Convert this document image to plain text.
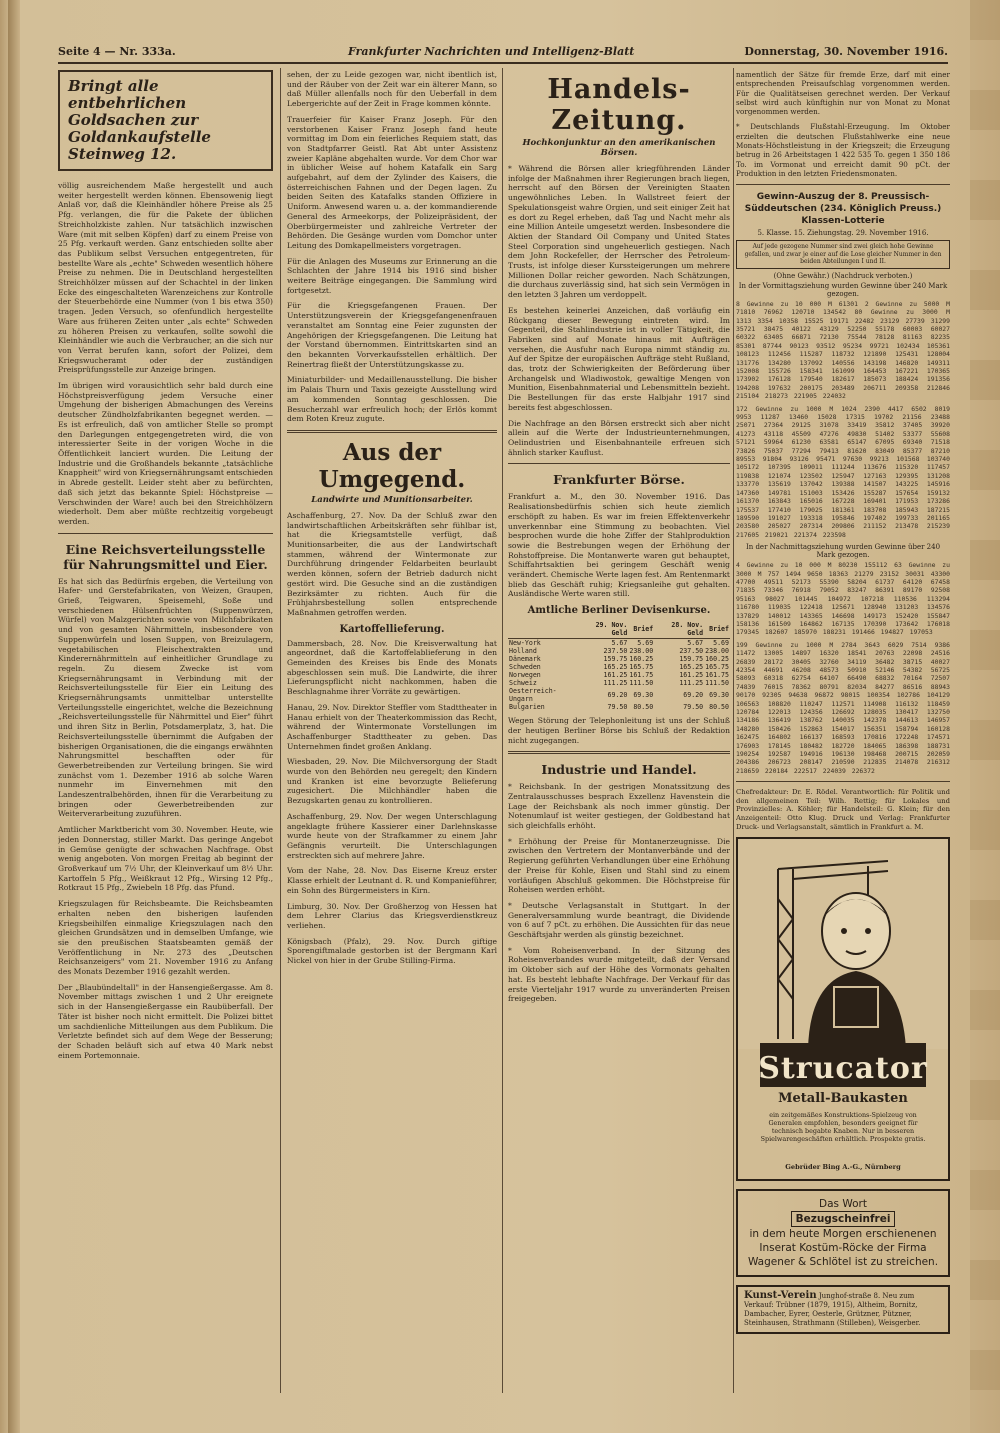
Seite 4 — Nr. 333a.	Frankfurter Nachrichten und Intelligenz-Blatt	Donnerstag, 30. November 1916.
Bringt alle entbehrlichen Goldsachen zur Goldankaufstelle Steinweg 12.

völlig ausreichendem Maße hergestellt und auch weiter hergestellt werden können. Ebensowenig liegt Anlaß vor, daß die Kleinhändler höhere Preise als 25 Pfg. verlangen, die für die Pakete der üblichen Streichholzkiste zahlen. Nur tatsächlich inzwischen Ware (mit mit selben Köpfen) darf zu einem Preise von 25 Pfg. verkauft werden. Ganz entschieden sollte aber das Publikum selbst Versuchen entgegentreten, für bestellte Ware als „echte" Schweden wesentlich höhere Preise zu nehmen. Die in Deutschland hergestellten Streichhölzer müssen auf der Schachtel in der linken Ecke des eingeschalteten Warenzeichens zur Kontrolle der Steuerbehörde eine Nummer (von 1 bis etwa 350) tragen. Jeden Versuch, so ofenfundlich hergestellte Ware aus früheren Zeiten unter „als echte" Schweden zu höheren Preisen zu verkaufen, sollte sowohl die Kleinhändler wie auch die Verbraucher, an die sich nur von Verrat berufen kann, sofort der Polizei, dem Kriegswucheramt oder der zuständigen Preisprüfungsstelle zur Anzeige bringen.

Im übrigen wird vorausichtlich sehr bald durch eine Höchstpreisverfügung jedem Versuche einer Umgehung der bisherigen Abmachungen des Vereins deutscher Zündholzfabrikanten begegnet werden. — Es ist erfreulich, daß von amtlicher Stelle so prompt den Darlegungen entgegengetreten wird, die von interessierter Seite in der vorigen Woche in die Öffentlichkeit lanciert wurden. Die Leitung der Industrie und die Großhandels bekannte „tatsächliche Knappheit" wird von Kriegsernährungsamt entschieden in Abrede gestellt. Leider steht aber zu befürchten, daß sich jetzt das bekannte Spiel: Höchstpreise — Verschwinden der Ware! auch bei den Streichhölzern wiederholt. Dem aber müßte rechtzeitig vorgebeugt werden.

Eine Reichsverteilungsstelle für Nahrungsmittel und Eier.

Es hat sich das Bedürfnis ergeben, die Verteilung von Hafer- und Gerstefabrikaten, von Weizen, Graupen, Grieß, Teigwaren, Speisemehl, Soße und verschiedenen Hülsenfrüchten (Suppenwürzen, Würfel) von Malzgerichten sowie von Milchfabrikaten und von gesamten Nährmitteln, insbesondere von Suppenwürfeln und losen Suppen, von Breizulagern, vegetabilischen Fleischextrakten und Kinderernährmitteln auf einheitlicher Grundlage zu regeln. Zu diesem Zwecke ist vom Kriegsernährungsamt in Verbindung mit der Reichsverteilungsstelle für Eier ein Leitung des Kriegsernährungsamts unmittelbar unterstellte Verteilungsstelle eingerichtet, welche die Bezeichnung „Reichsverteilungsstelle für Nährmittel und Eier" führt und ihren Sitz in Berlin, Potsdamerplatz, 3, hat. Die Reichsverteilungsstelle übernimmt die Aufgaben der bisherigen Organisationen, die die eingangs erwähnten Nahrungsmittel beschafften oder für Gewerbetreibenden zur Verteilung bringen. Sie wird zunächst vom 1. Dezember 1916 ab solche Waren nunmehr im Einvernehmen mit den Landeszentralbehörden, ihnen für die Verarbeitung zu bringen oder Gewerbetreibenden zur Weiterverarbeitung zuzuführen.

Amtlicher Marktbericht vom 30. November. Heute, wie jeden Donnerstag, stiller Markt. Das geringe Angebot in Gemüse genügte der schwachen Nachfrage. Obst wenig angeboten. Von morgen Freitag ab beginnt der Großverkauf um 7½ Uhr, der Kleinverkauf um 8½ Uhr. Kartoffeln 5 Pfg., Weißkraut 12 Pfg., Wirsing 12 Pfg., Rotkraut 15 Pfg., Zwiebeln 18 Pfg. das Pfund.

Kriegszulagen für Reichsbeamte. Die Reichsbeamten erhalten neben den bisherigen laufenden Kriegsbeihilfen einmalige Kriegszulagen nach den gleichen Grundsätzen und in demselben Umfange, wie sie den preußischen Staatsbeamten gemäß der Veröffentlichung in Nr. 273 des „Deutschen Reichsanzeigers" vom 21. November 1916 zu Anfang des Monats Dezember 1916 gezahlt werden.

Der „Blaubündeltall" in der Hansengießergasse. Am 8. November mittags zwischen 1 und 2 Uhr ereignete sich in der Hansengießergasse ein Raubüberfall. Der Täter ist bisher noch nicht ermittelt. Die Polizei bittet um sachdienliche Mitteilungen aus dem Publikum. Die Verletzte befindet sich auf dem Wege der Besserung; der Schaden beläuft sich auf etwa 40 Mark nebst einem Portemonnaie.

sehen, der zu Leide gezogen war, nicht ibentlich ist, und der Räuber von der Zeit war ein älterer Mann, so daß Müller allenfalls noch für den Ueberfall in dem Lebergerichte auf der Zeit in Frage kommen könnte.

Trauerfeier für Kaiser Franz Joseph. Für den verstorbenen Kaiser Franz Joseph fand heute vormittag im Dom ein feierliches Requiem statt, das von Stadtpfarrer Geistl. Rat Abt unter Assistenz zweier Kapläne abgehalten wurde. Vor dem Chor war in üblicher Weise auf hohem Katafalk ein Sarg aufgebahrt, auf dem der Zylinder des Kaisers, die österreichischen Fahnen und der Degen lagen. Zu beiden Seiten des Katafalks standen Offiziere in Uniform. Anwesend waren u. a. der kommandierende General des Armeekorps, der Polizeipräsident, der Oberbürgermeister und zahlreiche Vertreter der Behörden. Die Gesänge wurden vom Domchor unter Leitung des Domkapellmeisters vorgetragen.

Für die Anlagen des Museums zur Erinnerung an die Schlachten der Jahre 1914 bis 1916 sind bisher weitere Beiträge eingegangen. Die Sammlung wird fortgesetzt.

Für die Kriegsgefangenen Frauen. Der Unterstützungsverein der Kriegsgefangenenfrauen veranstaltet am Sonntag eine Feier zugunsten der Angehörigen der Kriegsgefangenen. Die Leitung hat der Vorstand übernommen. Eintrittskarten sind an den bekannten Vorverkaufsstellen erhältlich. Der Reinertrag fließt der Unterstützungskasse zu.

Miniaturbilder- und Medaillenausstellung. Die bisher im Palais Thurn und Taxis gezeigte Ausstellung wird am kommenden Sonntag geschlossen. Die Besucherzahl war erfreulich hoch; der Erlös kommt dem Roten Kreuz zugute.

Aus der Umgegend.
Landwirte und Munitionsarbeiter.

Aschaffenburg, 27. Nov. Da der Schluß zwar den landwirtschaftlichen Arbeitskräften sehr fühlbar ist, hat die Kriegsamtstelle verfügt, daß Munitionsarbeiter, die aus der Landwirtschaft stammen, während der Wintermonate zur Durchführung dringender Feldarbeiten beurlaubt werden können, sofern der Betrieb dadurch nicht gestört wird. Die Gesuche sind an die zuständigen Bezirksämter zu richten. Auch für die Frühjahrsbestellung sollen entsprechende Maßnahmen getroffen werden.

Kartoffellieferung.

Dammersbach, 28. Nov. Die Kreisverwaltung hat angeordnet, daß die Kartoffelablieferung in den Gemeinden des Kreises bis Ende des Monats abgeschlossen sein muß. Die Landwirte, die ihrer Lieferungspflicht nicht nachkommen, haben die Beschlagnahme ihrer Vorräte zu gewärtigen.

Hanau, 29. Nov. Direktor Steffler vom Stadttheater in Hanau erhielt von der Theaterkommission das Recht, während der Wintermonate Vorstellungen im Aschaffenburger Stadttheater zu geben. Das Unternehmen findet großen Anklang.

Wiesbaden, 29. Nov. Die Milchversorgung der Stadt wurde von den Behörden neu geregelt; den Kindern und Kranken ist eine bevorzugte Belieferung zugesichert. Die Milchhändler haben die Bezugskarten genau zu kontrollieren.

Aschaffenburg, 29. Nov. Der wegen Unterschlagung angeklagte frühere Kassierer einer Darlehnskasse wurde heute von der Strafkammer zu einem Jahr Gefängnis verurteilt. Die Unterschlagungen erstreckten sich auf mehrere Jahre.

Vom der Nahe, 28. Nov. Das Eiserne Kreuz erster Klasse erhielt der Leutnant d. R. und Kompanieführer, ein Sohn des Bürgermeisters in Kirn.

Limburg, 30. Nov. Der Großherzog von Hessen hat dem Lehrer Clarius das Kriegsverdienstkreuz verliehen.

Königsbach (Pfalz), 29. Nov. Durch giftige Sporengiftmalade gestorben ist der Bergmann Karl Nickel von hier in der Grube Stilling-Firma.

Handels-Zeitung.
Hochkonjunktur an den amerikanischen Börsen.

* Während die Börsen aller kriegführenden Länder infolge der Maßnahmen ihrer Regierungen brach liegen, herrscht auf den Börsen der Vereinigten Staaten ungewöhnliches Leben. In Wallstreet feiert der Spekulationsgeist wahre Orgien, und seit einiger Zeit hat es dort zu Regel erheben, daß Tag und Nacht mehr als eine Million Anteile umgesetzt werden. Insbesondere die Aktien der Standard Oil Company und United States Steel Corporation sind ungeheuerlich gestiegen. Nach dem John Rockefeller, der Herrscher des Petroleum-Trusts, ist infolge dieser Kurssteigerungen um mehrere Millionen Dollar reicher geworden. Nach Schätzungen, die durchaus zuverlässig sind, hat sich sein Vermögen in den letzten 3 Jahren um verdoppelt.

Es bestehen keinerlei Anzeichen, daß vorläufig ein Rückgang dieser Bewegung eintreten wird. Im Gegenteil, die Stahlindustrie ist in voller Tätigkeit, die Fabriken sind auf Monate hinaus mit Aufträgen versehen, die Ausfuhr nach Europa nimmt ständig zu. Auf der Spitze der europäischen Aufträge steht Rußland, das, trotz der Schwierigkeiten der Beförderung über Archangelsk und Wladiwostok, gewaltige Mengen von Munition, Eisenbahnmaterial und Lebensmitteln bezieht. Die Bestellungen für das erste Halbjahr 1917 sind bereits fest abgeschlossen.

Die Nachfrage an den Börsen erstreckt sich aber nicht allein auf die Werte der Industrieunternehmungen, Oelindustrien und Eisenbahnanteile erfreuen sich ähnlich starker Kauflust.

Frankfurter Börse.

Frankfurt a. M., den 30. November 1916. Das Realisationsbedürfnis schien sich heute ziemlich erschöpft zu haben. Es war im freien Effektenverkehr unverkennbar eine Stimmung zu beobachten. Viel besprochen wurde die hohe Ziffer der Stahlproduktion sowie die Bestrebungen wegen der Erhöhung der Rohstoffpreise. Die Montanwerte waren gut behauptet, Schiffahrtsaktien bei geringem Geschäft wenig verändert. Chemische Werte lagen fest. Am Rentenmarkt blieb das Geschäft ruhig; Kriegsanleihe gut gehalten. Ausländische Werte waren still.

Amtliche Berliner Devisenkurse.
	29. Nov. Geld	Brief	28. Nov. Geld	Brief
New-York	5.67	5.69	5.67	5.69
Holland	237.50	238.00	237.50	238.00
Dänemark	159.75	160.25	159.75	160.25
Schweden	165.25	165.75	165.25	165.75
Norwegen	161.25	161.75	161.25	161.75
Schweiz	111.25	111.50	111.25	111.50
Oesterreich-Ungarn	69.20	69.30	69.20	69.30
Bulgarien	79.50	80.50	79.50	80.50

Wegen Störung der Telephonleitung ist uns der Schluß der heutigen Berliner Börse bis Schluß der Redaktion nicht zugegangen.

Industrie und Handel.

* Reichsbank. In der gestrigen Monatssitzung des Zentralausschusses besprach Exzellenz Havenstein die Lage der Reichsbank als noch immer günstig. Der Notenumlauf ist weiter gestiegen, der Goldbestand hat sich gleichfalls erhöht.

* Erhöhung der Preise für Montanerzeugnisse. Die zwischen den Vertretern der Montanverbände und der Regierung geführten Verhandlungen über eine Erhöhung der Preise für Kohle, Eisen und Stahl sind zu einem vorläufigen Abschluß gekommen. Die Höchstpreise für Roheisen werden erhöht.

* Deutsche Verlagsanstalt in Stuttgart. In der Generalversammlung wurde beantragt, die Dividende von 6 auf 7 pCt. zu erhöhen. Die Aussichten für das neue Geschäftsjahr werden als günstig bezeichnet.

* Vom Roheisenverband. In der Sitzung des Roheisenverbandes wurde mitgeteilt, daß der Versand im Oktober sich auf der Höhe des Vormonats gehalten hat. Es besteht lebhafte Nachfrage. Der Verkauf für das erste Vierteljahr 1917 wurde zu unveränderten Preisen freigegeben.

namentlich der Sätze für fremde Erze, darf mit einer entsprechenden Preisaufschlag vorgenommen werden. Für die Qualitätseisen gerechnet werden. Der Verkauf selbst wird auch künftighin nur von Monat zu Monat vorgenommen werden.

* Deutschlands Flußstahl-Erzeugung. Im Oktober erzielten die deutschen Flußstahlwerke eine neue Monats-Höchstleistung in der Kriegszeit; die Erzeugung betrug in 26 Arbeitstagen 1 422 535 To. gegen 1 350 186 To. im Vormonat und erreicht damit 90 pCt. der Produktion in den letzten Friedensmonaten.

Gewinn-Auszug der 8. Preussisch-Süddeutschen (234. Königlich Preuss.) Klassen-Lotterie
5. Klasse. 15. Ziehungstag. 29. November 1916.
Auf jede gezogene Nummer sind zwei gleich hohe Gewinne gefallen, und zwar je einer auf die Lose gleicher Nummer in den beiden Abteilungen I und II.
(Ohne Gewähr.) (Nachdruck verboten.)
In der Vormittagsziehung wurden Gewinne über 240 Mark gezogen.

8 Gewinne zu 10 000 M 61301 2 Gewinne zu 5000 M 71810 76962 120710 134542 80 Gewinne zu 3000 M 1313 3354 10358 15525 19171 22482 23129 27739 31299 35721 38475 40122 43129 52250 55178 60003 60027 60322 63405 66871 72130 75544 78128 81163 82235 85301 87744 90123 93512 95234 99721 102434 105361 108123 112456 115287 118732 121890 125431 128004 131776 134280 137092 140556 143198 146820 149311 152008 155726 158341 161099 164453 167221 170365 173902 176128 179540 182617 185073 188424 191356 194208 197632 200175 203489 206711 209358 212846 215104 218273 221905 224032

172 Gewinne zu 1000 M 1024 2390 4417 6502 8019 9953 11287 13460 15028 17315 19702 21156 23488 25071 27364 29125 31078 33419 35812 37405 39920 41273 43118 45509 47276 49830 51402 53377 55608 57121 59964 61230 63581 65147 67095 69340 71518 73826 75037 77294 79413 81620 83049 85377 87210 89553 91804 93126 95471 97630 99213 101568 103740 105172 107395 109011 111244 113676 115320 117457 119838 121074 123502 125947 127163 129395 131208 133770 135619 137042 139388 141507 143225 145916 147360 149781 151003 153426 155287 157654 159132 161370 163843 165016 167228 169401 171953 173286 175537 177410 179025 181361 183708 185943 187215 189590 191027 193318 195846 197402 199733 201165 203580 205027 207314 209806 211152 213478 215239 217605 219021 221374 223598

In der Nachmittagsziehung wurden Gewinne über 240 Mark gezogen.

4 Gewinne zu 10 000 M 80230 155112 63 Gewinne zu 3000 M 757 1494 9650 18363 21279 23152 30031 43300 47700 49511 52173 55390 58204 61737 64120 67458 71835 73346 76918 79052 83247 86391 89170 92508 95163 98027 101445 104972 107218 110536 113294 116780 119035 122418 125671 128940 131203 134576 137829 140012 143365 146698 149173 152420 155847 158136 161509 164862 167135 170390 173642 176018 179345 182607 185970 188231 191466 194827 197053

199 Gewinne zu 1000 M 2784 3643 6029 7514 9386 11472 13005 14897 16320 18541 20763 22098 24516 26839 28172 30405 32760 34119 36482 38715 40027 42354 44691 46208 48573 50910 52146 54382 56725 58093 60318 62754 64107 66490 68832 70164 72507 74839 76015 78362 80791 82034 84277 86516 88943 90170 92305 94638 96872 98015 100354 102786 104129 106563 108820 110247 112571 114908 116132 118459 120784 122013 124356 126692 128035 130417 132750 134186 136419 138762 140035 142378 144613 146957 148280 150426 152863 154017 156351 158794 160128 162475 164802 166137 168593 170816 172248 174571 176903 178145 180482 182720 184065 186398 188731 190254 192587 194916 196130 198468 200715 202059 204386 206723 208147 210590 212835 214078 216312 218659 220184 222517 224039 226372

Chefredakteur: Dr. E. Rödel. Verantwortlich: für Politik und den allgemeinen Teil: Wilh. Rettig; für Lokales und Provinzielles: A. Köhler; für Handelsteil: G. Klein; für den Anzeigenteil: Otto Klug. Druck und Verlag: Frankfurter Druck- und Verlagsanstalt, sämtlich in Frankfurt a. M.

Strucator
Metall-Baukasten
ein zeitgemäßes Konstruktions-Spielzeug von Generalen empfohlen, besonders geeignet für technisch begabte Knaben. Nur in besseren Spielwarengeschäften erhältlich. Prospekte gratis.
Gebrüder Bing A.-G., Nürnberg
Das Wort
Bezugscheinfrei
in dem heute Morgen erschienenen Inserat Kostüm-Röcke der Firma Wagener & Schlötel ist zu streichen.
Kunst-Verein Junghof-straße 8. Neu zum Verkauf: Trübner (1879, 1915), Altheim, Bornitz, Dambacher, Eyrer, Oesterle, Grützner, Pützner, Steinhausen, Strathmann (Stilleben), Weisgerber.
